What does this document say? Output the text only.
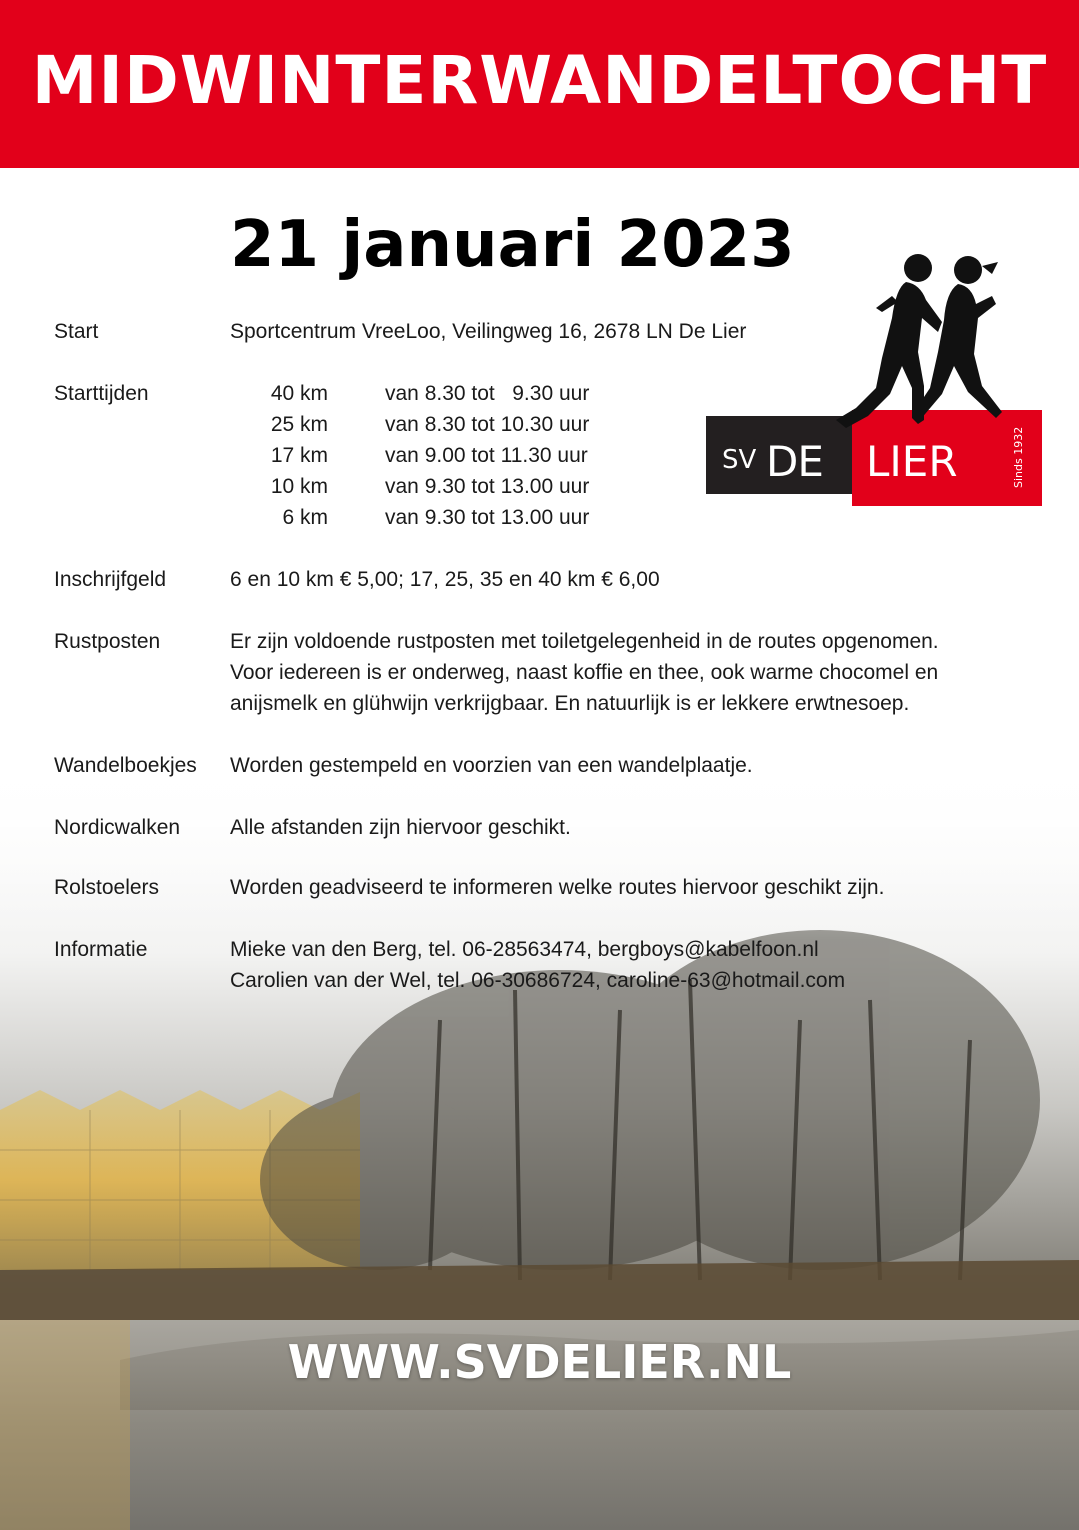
MIDWINTERWANDELTOCHT
21 januari 2023
Start	Sportcentrum VreeLoo, Veilingweg 16, 2678 LN De Lier
Starttijden	40 km	van 8.30 tot   9.30 uur
25 km	van 8.30 tot 10.30 uur
17 km	van 9.00 tot 11.30 uur
10 km	van 9.30 tot 13.00 uur
6 km	van 9.30 tot 13.00 uur
Inschrijfgeld	6 en 10 km € 5,00; 17, 25, 35 en 40 km € 6,00
Rustposten	Er zijn voldoende rustposten met toiletgelegenheid in de routes opgenomen.
Voor iedereen is er onderweg, naast koffie en thee, ook warme chocomel en
anijsmelk en glühwijn verkrijgbaar. En natuurlijk is er lekkere erwtnesoep.
Wandelboekjes Worden gestempeld en voorzien van een wandelplaatje.
Nordicwalken Alle afstanden zijn hiervoor geschikt.
Rolstoelers	Worden geadviseerd te informeren welke routes hiervoor geschikt zijn.
Informatie	Mieke van den Berg, tel. 06-28563474, bergboys@kabelfoon.nl
Carolien van der Wel, tel. 06-30686724, caroline-63@hotmail.com
SV DE LIER	Sinds 1932
WWW.SVDELIER.NL
